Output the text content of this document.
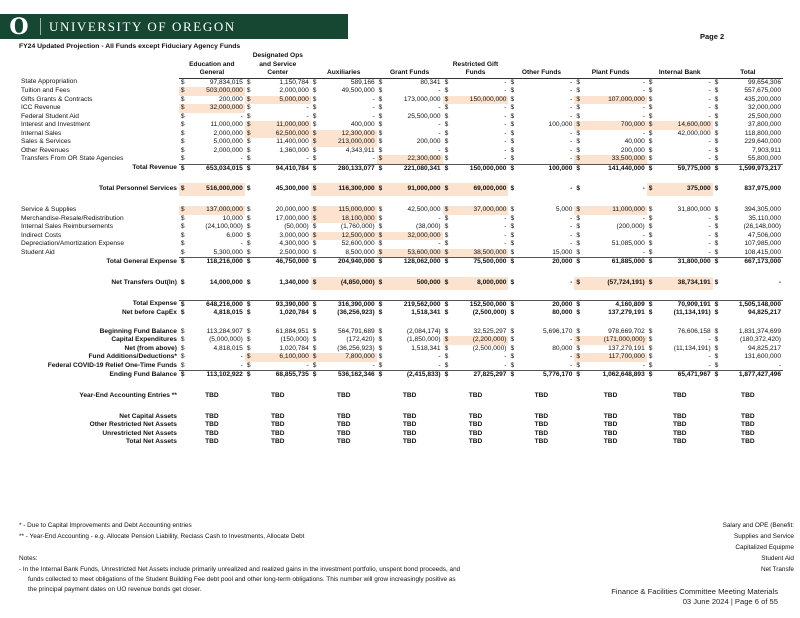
O UNIVERSITY OF OREGON
Page 2
FY24 Updated Projection - All Funds except Fiduciary Agency Funds
			Designated Ops															
	Education and		and Service						Restricted Gift									
	General		Center		Auxiliaries		Grant Funds		Funds		Other Funds		Plant Funds		Internal Bank		Total	
State Appropriation	$	97,834,015	$	1,150,784	$	589,166	$	80,341	$	-	$	-	$	-	$	-	$	99,654,306
Tuition and Fees	$	503,000,000	$	2,000,000	$	49,500,000	$	-	$	-	$	-	$	-	$	-	$	557,675,000
Gifts Grants & Contracts	$	200,000	$	5,000,000	$	-	$	173,000,000	$	150,000,000	$	-	$	107,000,000	$	-	$	435,200,000
ICC Revenue	$	32,000,000	$	-	$	-	$	-	$	-	$	-	$	-	$	-	$	32,000,000
Federal Student Aid	$	-	$	-	$	-	$	25,500,000	$	-	$	-	$	-	$	-	$	25,500,000
Interest and Investment	$	11,000,000	$	11,000,000	$	400,000	$	-	$	-	$	100,000	$	700,000	$	14,600,000	$	37,800,000
Internal Sales	$	2,000,000	$	62,500,000	$	12,300,000	$	-	$	-	$	-	$	-	$	42,000,000	$	118,800,000
Sales & Services	$	5,000,000	$	11,400,000	$	213,000,000	$	200,000	$	-	$	-	$	40,000	$	-	$	229,640,000
Other Revenues	$	2,000,000	$	1,360,000	$	4,343,911	$	-	$	-	$	-	$	200,000	$	-	$	7,903,911
Transfers From OR State Agencies	$	-	$	-	$	-	$	22,300,000	$	-	$	-	$	33,500,000	$	-	$	55,800,000
Total Revenue	$	653,034,015	$	94,410,784	$	280,133,077	$	221,080,341	$	150,000,000	$	100,000	$	141,440,000	$	59,775,000	$	1,599,973,217

Total Personnel Services	$	516,000,000	$	45,300,000	$	116,300,000	$	91,000,000	$	69,000,000	$	-	$	-	$	375,000	$	837,975,000

Service & Supplies	$	137,000,000	$	20,000,000	$	115,000,000	$	42,500,000	$	37,000,000	$	5,000	$	11,000,000	$	31,800,000	$	394,305,000
Merchandise-Resale/Redistribution	$	10,000	$	17,000,000	$	18,100,000	$	-	$	-	$	-	$	-	$	-	$	35,110,000
Internal Sales Reimbursements	$	(24,100,000)	$	(50,000)	$	(1,760,000)	$	(38,000)	$	-	$	-	$	(200,000)	$	-	$	(26,148,000)
Indirect Costs	$	6,000	$	3,000,000	$	12,500,000	$	32,000,000	$	-	$	-	$	-	$	-	$	47,506,000
Depreciation/Amortization Expense	$	-	$	4,300,000	$	52,600,000	$	-	$	-	$	-	$	51,085,000	$	-	$	107,985,000
Student Aid	$	5,300,000	$	2,500,000	$	8,500,000	$	53,600,000	$	38,500,000	$	15,000	$	-	$	-	$	108,415,000
Total General Expense	$	118,216,000	$	46,750,000	$	204,940,000	$	128,062,000	$	75,500,000	$	20,000	$	61,885,000	$	31,800,000	$	667,173,000

Net Transfers Out(In)	$	14,000,000	$	1,340,000	$	(4,850,000)	$	500,000	$	8,000,000	$	-	$	(57,724,191)	$	38,734,191	$	-

Total Expense	$	648,216,000	$	93,390,000	$	316,390,000	$	219,562,000	$	152,500,000	$	20,000	$	4,160,809	$	70,909,191	$	1,505,148,000
Net before CapEx	$	4,818,015	$	1,020,784	$	(36,256,923)	$	1,518,341	$	(2,500,000)	$	80,000	$	137,279,191	$	(11,134,191)	$	94,825,217

Beginning Fund Balance	$	113,284,907	$	61,884,951	$	564,791,689	$	(2,084,174)	$	32,525,297	$	5,696,170	$	978,669,702	$	76,606,158	$	1,831,374,699
Capital Expenditures	$	(5,000,000)	$	(150,000)	$	(172,420)	$	(1,850,000)	$	(2,200,000)	$	-	$	(171,000,000)	$	-	$	(180,372,420)
Net (from above)	$	4,818,015	$	1,020,784	$	(36,256,923)	$	1,518,341	$	(2,500,000)	$	80,000	$	137,279,191	$	(11,134,191)	$	94,825,217
Fund Additions/Deductions*	$	-	$	6,100,000	$	7,800,000	$	-	$	-	$	-	$	117,700,000	$	-	$	131,600,000
Federal COVID-19 Relief One-Time Funds	$	-	$	-	$	-	$	-	$	-	$	-	$	-	$	-	$	-
Ending Fund Balance	$	113,102,922	$	68,855,735	$	536,162,346	$	(2,415,833)	$	27,825,297	$	5,776,170	$	1,062,648,893	$	65,471,967	$	1,877,427,496

Year-End Accounting Entries **	TBD		TBD		TBD		TBD		TBD		TBD		TBD		TBD		TBD	

Net Capital Assets	TBD		TBD		TBD		TBD		TBD		TBD		TBD		TBD		TBD	
Other Restricted Net Assets	TBD		TBD		TBD		TBD		TBD		TBD		TBD		TBD		TBD	
Unrestricted Net Assets	TBD		TBD		TBD		TBD		TBD		TBD		TBD		TBD		TBD	
Total Net Assets	TBD		TBD		TBD		TBD		TBD		TBD		TBD		TBD		TBD	
* - Due to Capital Improvements and Debt Accounting entries
** - Year-End Accounting - e.g. Allocate Pension Liability, Reclass Cash to Investments, Allocate Debt
Notes:
- In the Internal Bank Funds, Unrestricted Net Assets include primarily unrealized and realized gains in the investment portfolio, unspent bond proceeds, and
funds collected to meet obligations of the Student Building Fee debt pool and other long-term obligations. This number will grow increasingly positive as
the principal payment dates on UO revenue bonds get closer.
Salary and OPE (Benefit:
Supplies and Service
Capitalized Equipme
Student Aid
Net Transfe
Finance & Facilities Committee Meeting Materials
03 June 2024 | Page 6 of 55
